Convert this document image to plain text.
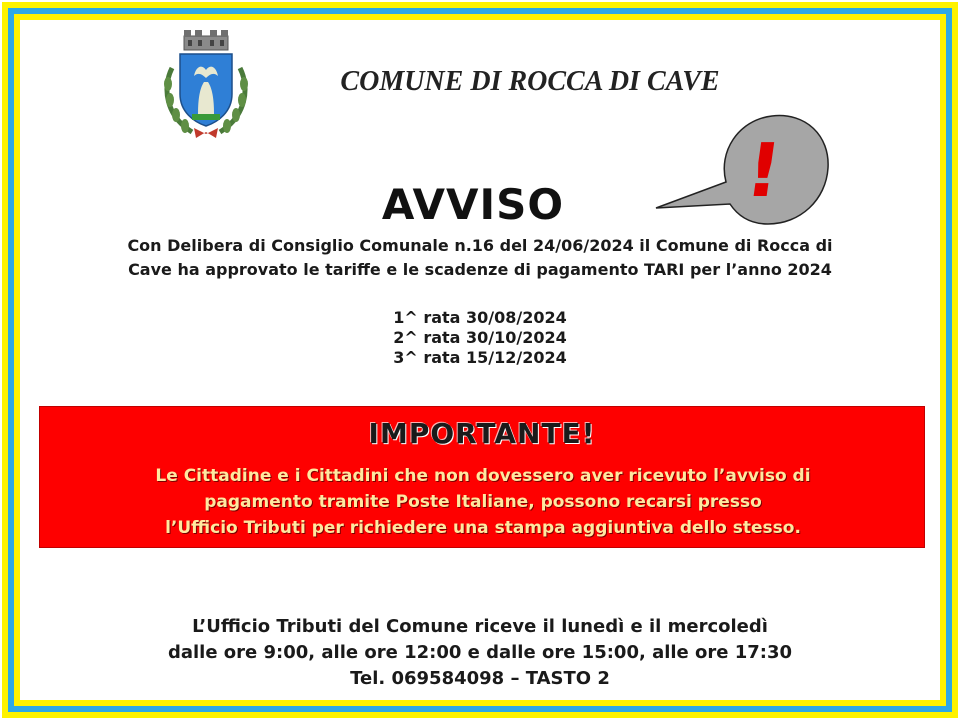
COMUNE DI ROCCA DI CAVE
!
AVVISO
Con Delibera di Consiglio Comunale n.16 del 24/06/2024 il Comune di Rocca di
Cave ha approvato le tariffe e le scadenze di pagamento TARI per l’anno 2024
1^ rata 30/08/2024
2^ rata 30/10/2024
3^ rata 15/12/2024
IMPORTANTE!
Le Cittadine e i Cittadini che non dovessero aver ricevuto l’avviso di
pagamento tramite Poste Italiane, possono recarsi presso
l’Ufficio Tributi per richiedere una stampa aggiuntiva dello stesso.
L’Ufficio Tributi del Comune riceve il lunedì e il mercoledì
dalle ore 9:00, alle ore 12:00 e dalle ore 15:00, alle ore 17:30
Tel. 069584098 – TASTO 2
